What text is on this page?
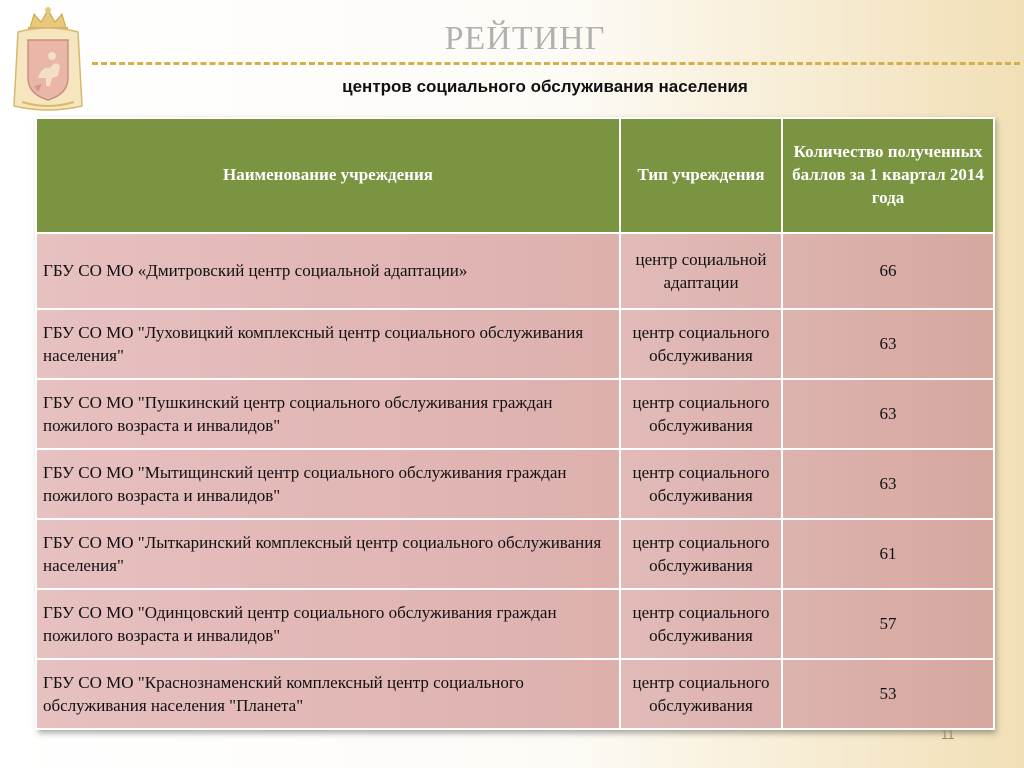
РЕЙТИНГ
центров социального обслуживания населения
Наименование учреждения	Тип учреждения	Количество полученных баллов за 1 квартал 2014 года
ГБУ СО МО «Дмитровский центр социальной адаптации»	центр социальной адаптации	66
ГБУ СО МО "Луховицкий комплексный центр социального обслуживания населения"	центр социального обслуживания	63
ГБУ СО МО "Пушкинский центр социального обслуживания граждан пожилого возраста и инвалидов"	центр социального обслуживания	63
ГБУ СО МО "Мытищинский центр социального обслуживания граждан пожилого возраста и инвалидов"	центр социального обслуживания	63
ГБУ СО МО "Лыткаринский комплексный центр социального обслуживания населения"	центр социального обслуживания	61
ГБУ СО МО "Одинцовский центр социального обслуживания граждан пожилого возраста и инвалидов"	центр социального обслуживания	57
ГБУ СО МО "Краснознаменский комплексный центр социального обслуживания населения "Планета"	центр социального обслуживания	53
11
